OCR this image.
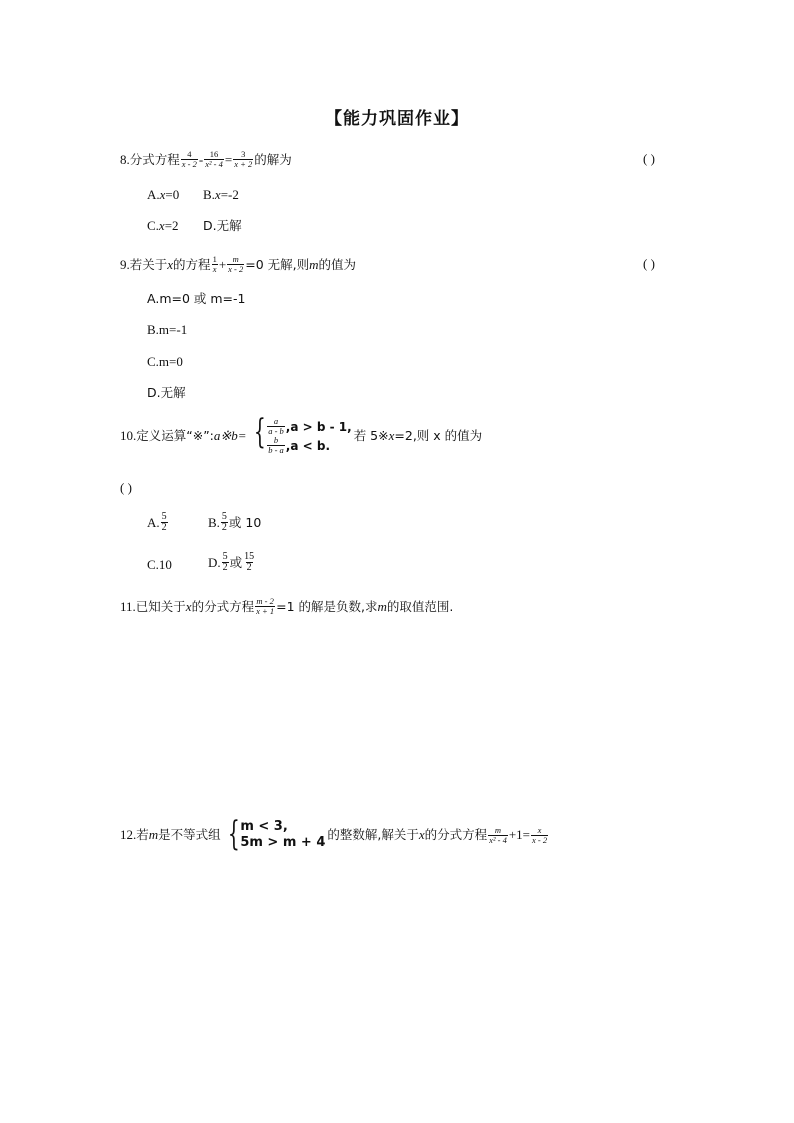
【能力巩固作业】
8. 分式方程 $\frac{4}{x - 2} - \frac{16}{\text{x² - 4}} = \frac{3}{x + 2}$ 的解为	( )
A. x =0 B. x =-2
C. x =2 D.无解
9. 若关于 x 的方程 $\frac{1}{x} + \frac{m}{x - 2} =0$ 无解,则 m 的值为	( )
A. m=0 或 m=-1
B. m=-1
C. m=0
D.无解
10. 定义运算“※”: a※b= { $\frac{a}{a - b} ,a > b - 1$,
$\frac{b}{b - a} ,a < b$.
若 5※ x =2,则 x 的值为
( )
A. $\frac{5}{2}$	B. $\frac{5}{2}$ 或 10
C.10	D. $\frac{5}{2}$ 或 $\frac{15}{2}$
11. 已知关于 x 的分式方程 $\frac{m - 2}{x + 1} =1$ 的解是负数,求 m 的取值范围.
12. 若 m 是不等式组 { m < 3,
5m > m + 4
的整数解,解关于 x 的分式方程 $\frac{m}{\text{x² - 4}} +1= \frac{x}{x - 2}$
